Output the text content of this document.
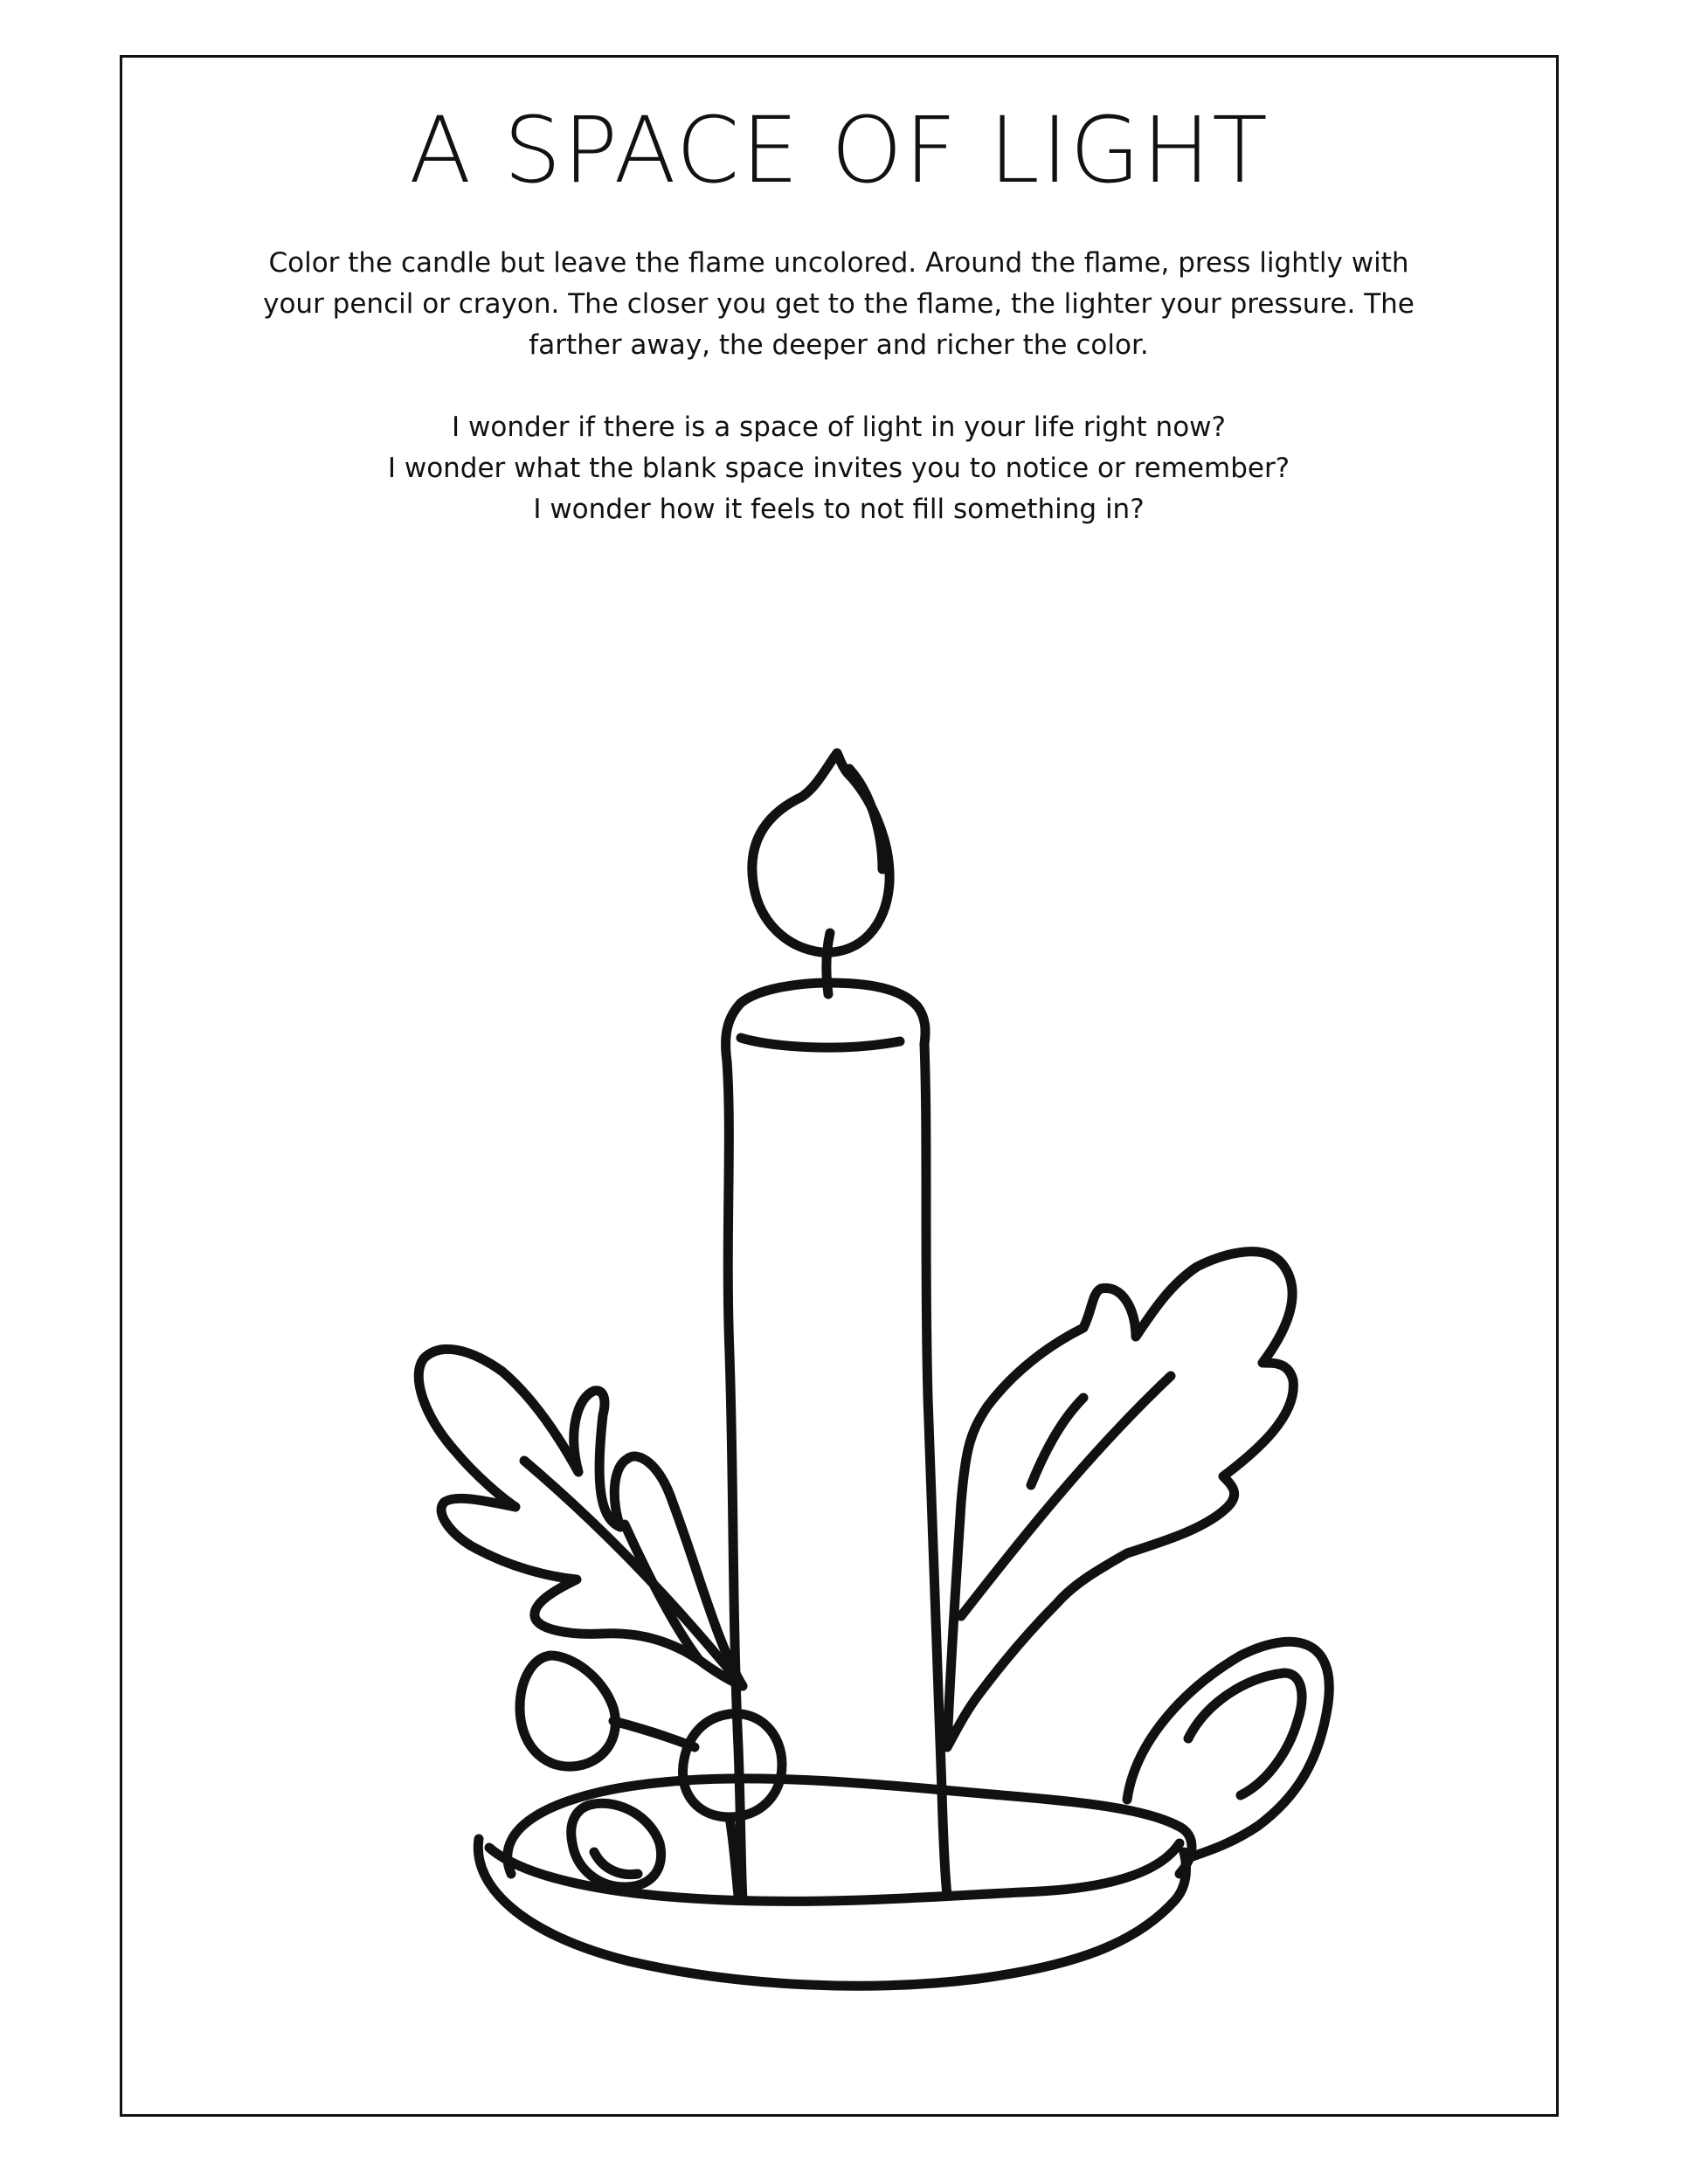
A SPACE OF LIGHT

Color the candle but leave the flame uncolored. Around the flame, press lightly with your pencil or crayon. The closer you get to the flame, the lighter your pressure. The farther away, the deeper and richer the color.

I wonder if there is a space of light in your life right now?
I wonder what the blank space invites you to notice or remember?
I wonder how it feels to not fill something in?
